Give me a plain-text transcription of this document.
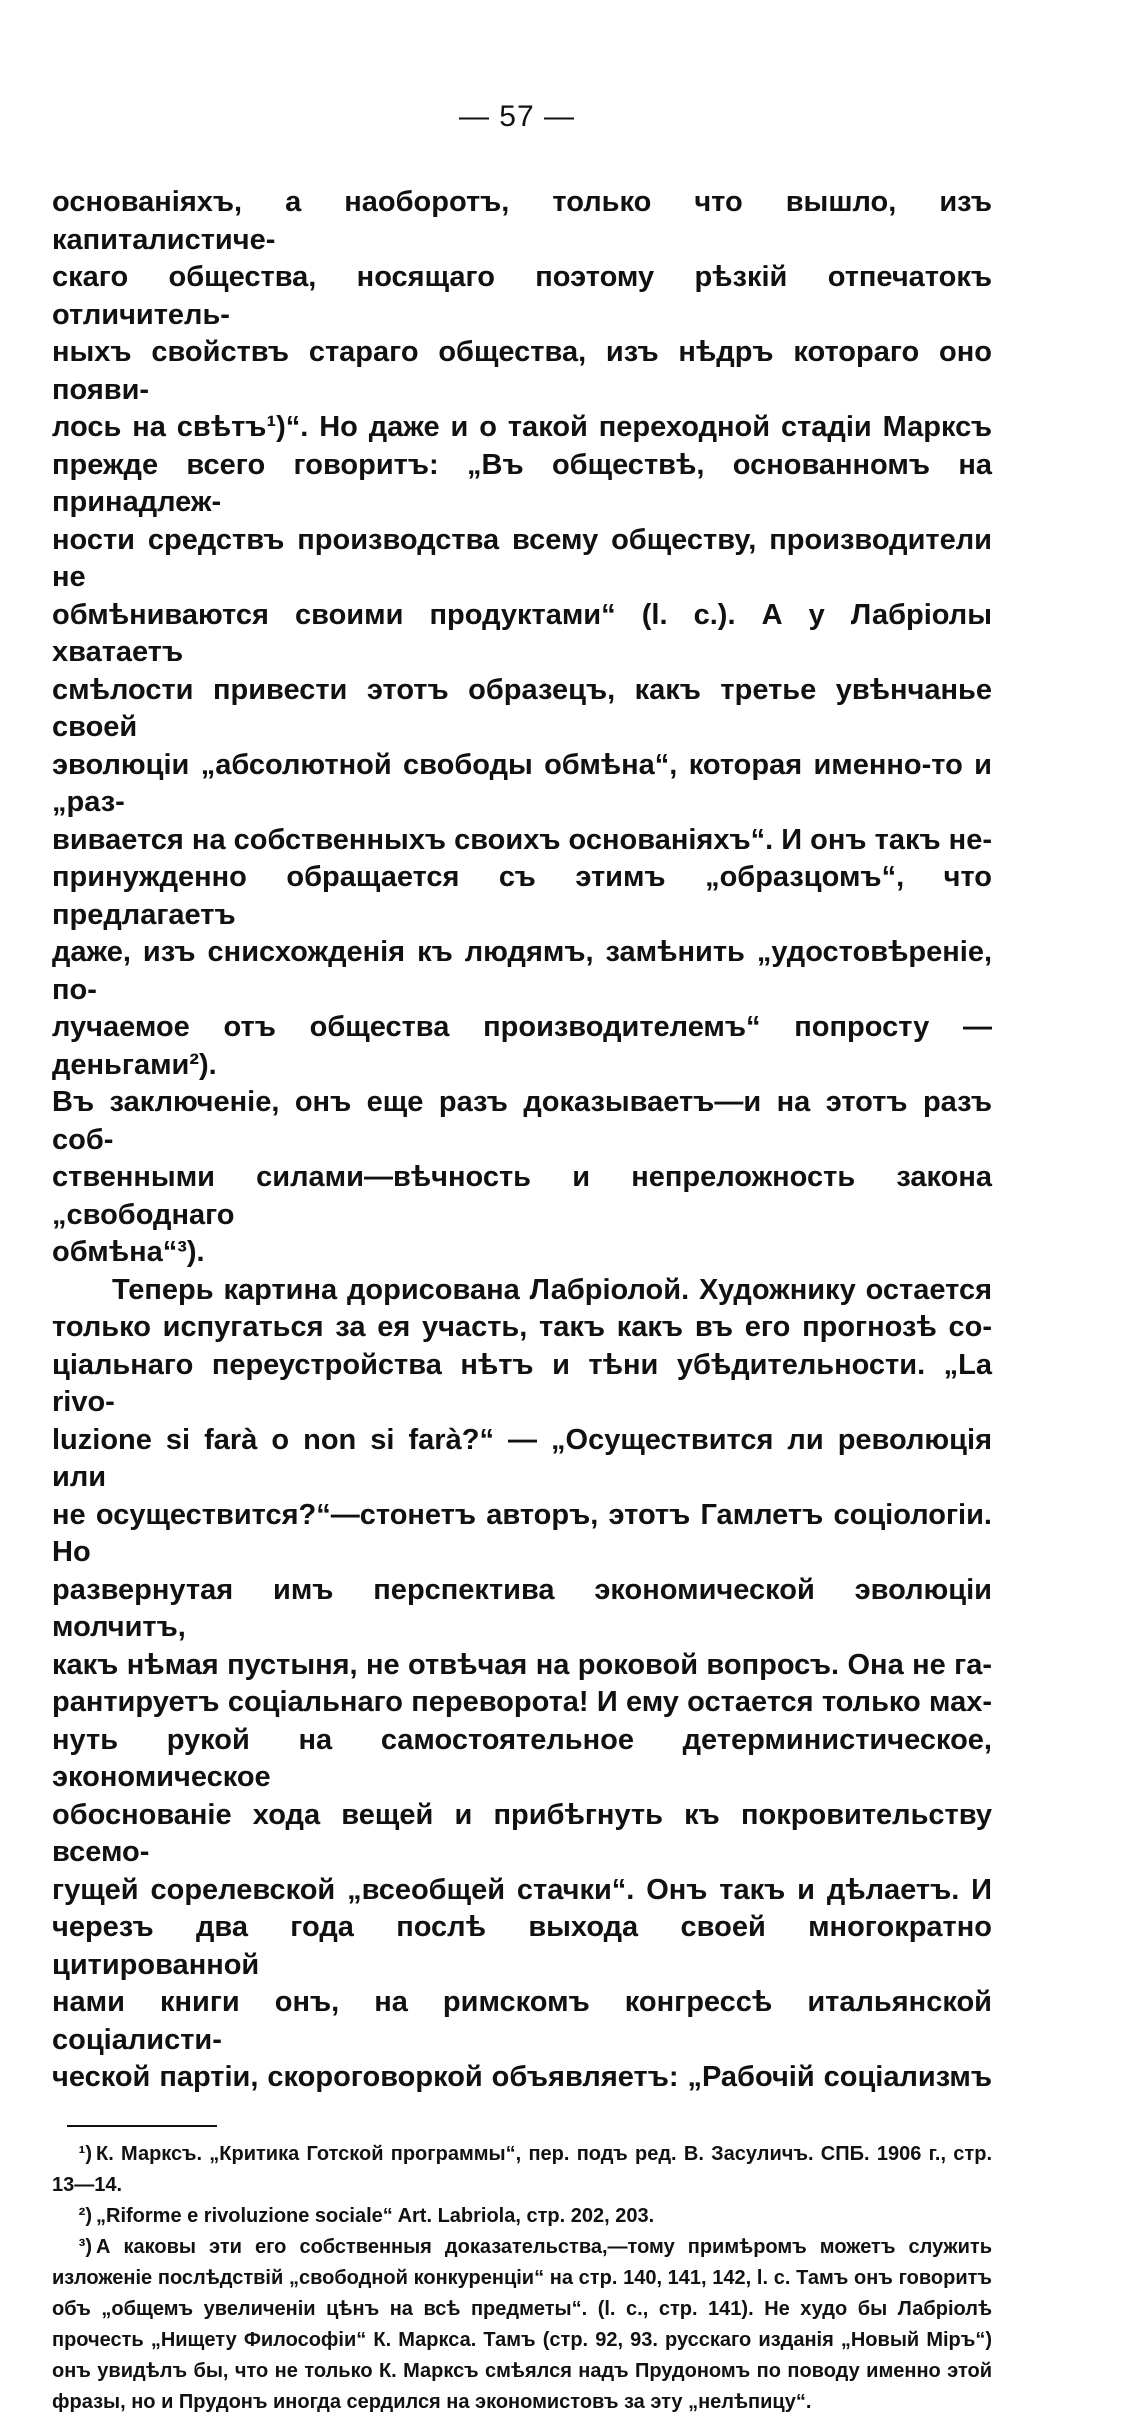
— 57 —

основаніяхъ, а наоборотъ, только что вышло, изъ капиталистиче-

скаго общества, носящаго поэтому рѣзкій отпечатокъ отличитель-

ныхъ свойствъ стараго общества, изъ нѣдръ котораго оно появи-

лось на свѣтъ¹)“. Но даже и о такой переходной стадіи Марксъ

прежде всего говоритъ: „Въ обществѣ, основанномъ на принадлеж-

ности средствъ производства всему обществу, производители не

обмѣниваются своими продуктами“ (l. c.). А у Лабріолы хватаетъ

смѣлости привести этотъ образецъ, какъ третье увѣнчанье своей

эволюціи „абсолютной свободы обмѣна“, которая именно-то и „раз-

вивается на собственныхъ своихъ основаніяхъ“. И онъ такъ не-

принужденно обращается съ этимъ „образцомъ“, что предлагаетъ

даже, изъ снисхожденія къ людямъ, замѣнить „удостовѣреніе, по-

лучаемое отъ общества производителемъ“ попросту — деньгами²).

Въ заключеніе, онъ еще разъ доказываетъ—и на этотъ разъ соб-

ственными силами—вѣчность и непреложность закона „свободнаго

обмѣна“³).

Теперь картина дорисована Лабріолой. Художнику остается

только испугаться за ея участь, такъ какъ въ его прогнозѣ со-

ціальнаго переустройства нѣтъ и тѣни убѣдительности. „La rivo-

luzione si farà o non si farà?“ — „Осуществится ли революція или

не осуществится?“—стонетъ авторъ, этотъ Гамлетъ соціологіи. Но

развернутая имъ перспектива экономической эволюціи молчитъ,

какъ нѣмая пустыня, не отвѣчая на роковой вопросъ. Она не га-

рантируетъ соціальнаго переворота! И ему остается только мах-

нуть рукой на самостоятельное детерминистическое, экономическое

обоснованіе хода вещей и прибѣгнуть къ покровительству всемо-

гущей сорелевской „всеобщей стачки“. Онъ такъ и дѣлаетъ. И

черезъ два года послѣ выхода своей многократно цитированной

нами книги онъ, на римскомъ конгрессѣ итальянской соціалисти-

ческой партіи, скороговоркой объявляетъ: „Рабочій соціализмъ

¹) К. Марксъ. „Критика Готской программы“, пер. подъ ред. В. Засуличъ. СПБ. 1906 г., стр. 13—14.

²) „Riforme e rivoluzione sociale“ Art. Labriola, стр. 202, 203.

³) А каковы эти его собственныя доказательства,—тому примѣромъ можетъ служить изложеніе послѣдствій „свободной конкуренціи“ на стр. 140, 141, 142, l. c. Тамъ онъ говоритъ объ „общемъ увеличеніи цѣнъ на всѣ предметы“. (l. c., стр. 141). Не худо бы Лабріолѣ прочесть „Нищету Философіи“ К. Маркса. Тамъ (стр. 92, 93. русскаго изданія „Новый Міръ“) онъ увидѣлъ бы, что не только К. Марксъ смѣялся надъ Прудономъ по поводу именно этой фразы, но и Прудонъ иногда сердился на экономистовъ за эту „нелѣпицу“.
